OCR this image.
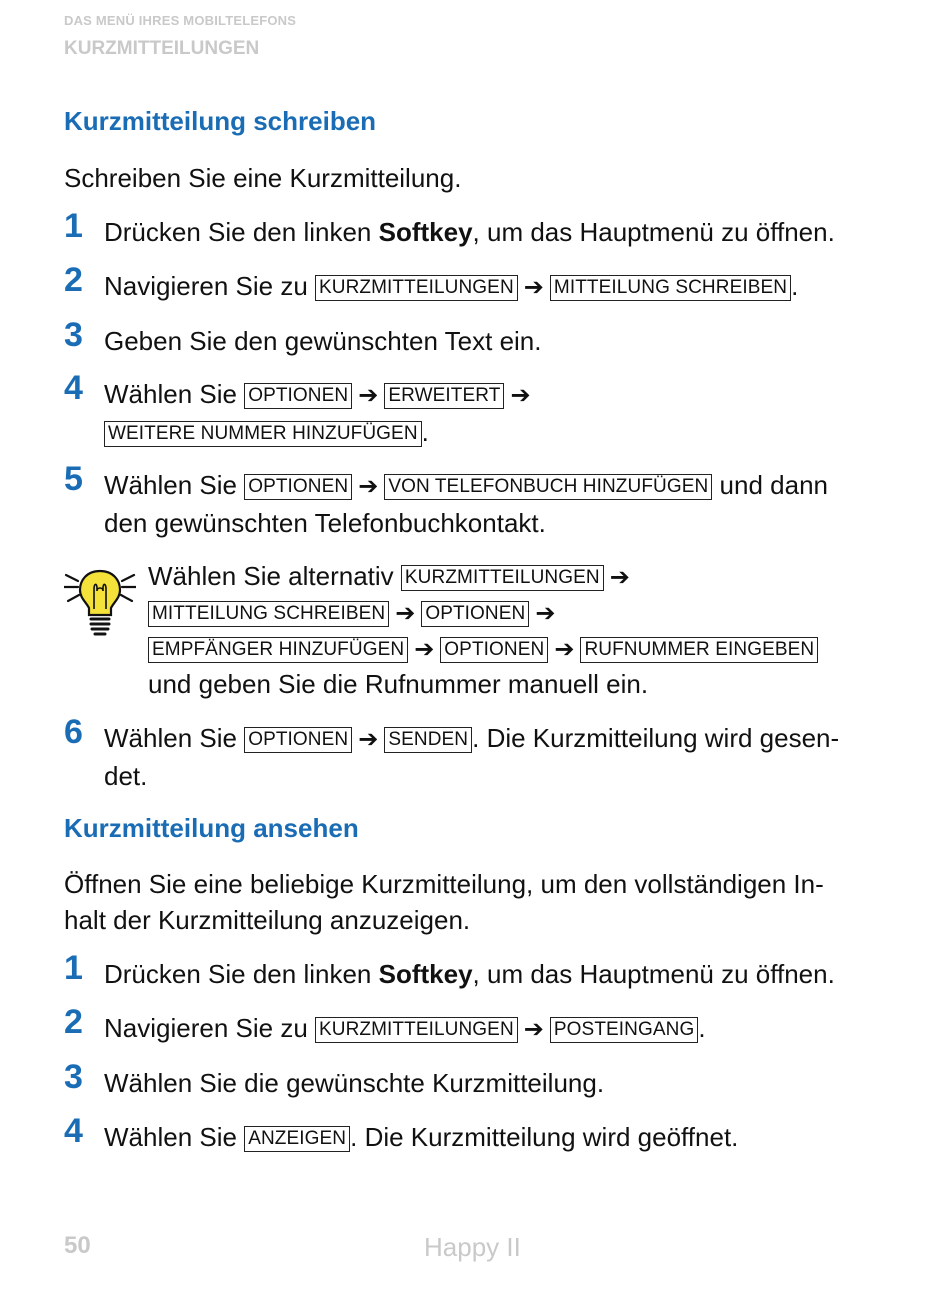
DAS MENÜ IHRES MOBILTELEFONS
KURZMITTEILUNGEN
Kurzmitteilung schreiben
Schreiben Sie eine Kurzmitteilung.
1 Drücken Sie den linken Softkey, um das Hauptmenü zu öffnen.
2 Navigieren Sie zu KURZMITTEILUNGEN ➔ MITTEILUNG SCHREIBEN .
3 Geben Sie den gewünschten Text ein.
4 Wählen Sie OPTIONEN ➔ ERWEITERT ➔
WEITERE NUMMER HINZUFÜGEN .
5 Wählen Sie OPTIONEN ➔ VON TELEFONBUCH HINZUFÜGEN und dann
den gewünschten Telefonbuchkontakt.
Wählen Sie alternativ KURZMITTEILUNGEN ➔
MITTEILUNG SCHREIBEN ➔ OPTIONEN ➔
EMPFÄNGER HINZUFÜGEN ➔ OPTIONEN ➔ RUFNUMMER EINGEBEN
und geben Sie die Rufnummer manuell ein.
6 Wählen Sie OPTIONEN ➔ SENDEN . Die Kurzmitteilung wird gesen-
det.
Kurzmitteilung ansehen
Öffnen Sie eine beliebige Kurzmitteilung, um den vollständigen In-
halt der Kurzmitteilung anzuzeigen.
1 Drücken Sie den linken Softkey, um das Hauptmenü zu öffnen.
2 Navigieren Sie zu KURZMITTEILUNGEN ➔ POSTEINGANG .
3 Wählen Sie die gewünschte Kurzmitteilung.
4 Wählen Sie ANZEIGEN . Die Kurzmitteilung wird geöffnet.
50	Happy II
